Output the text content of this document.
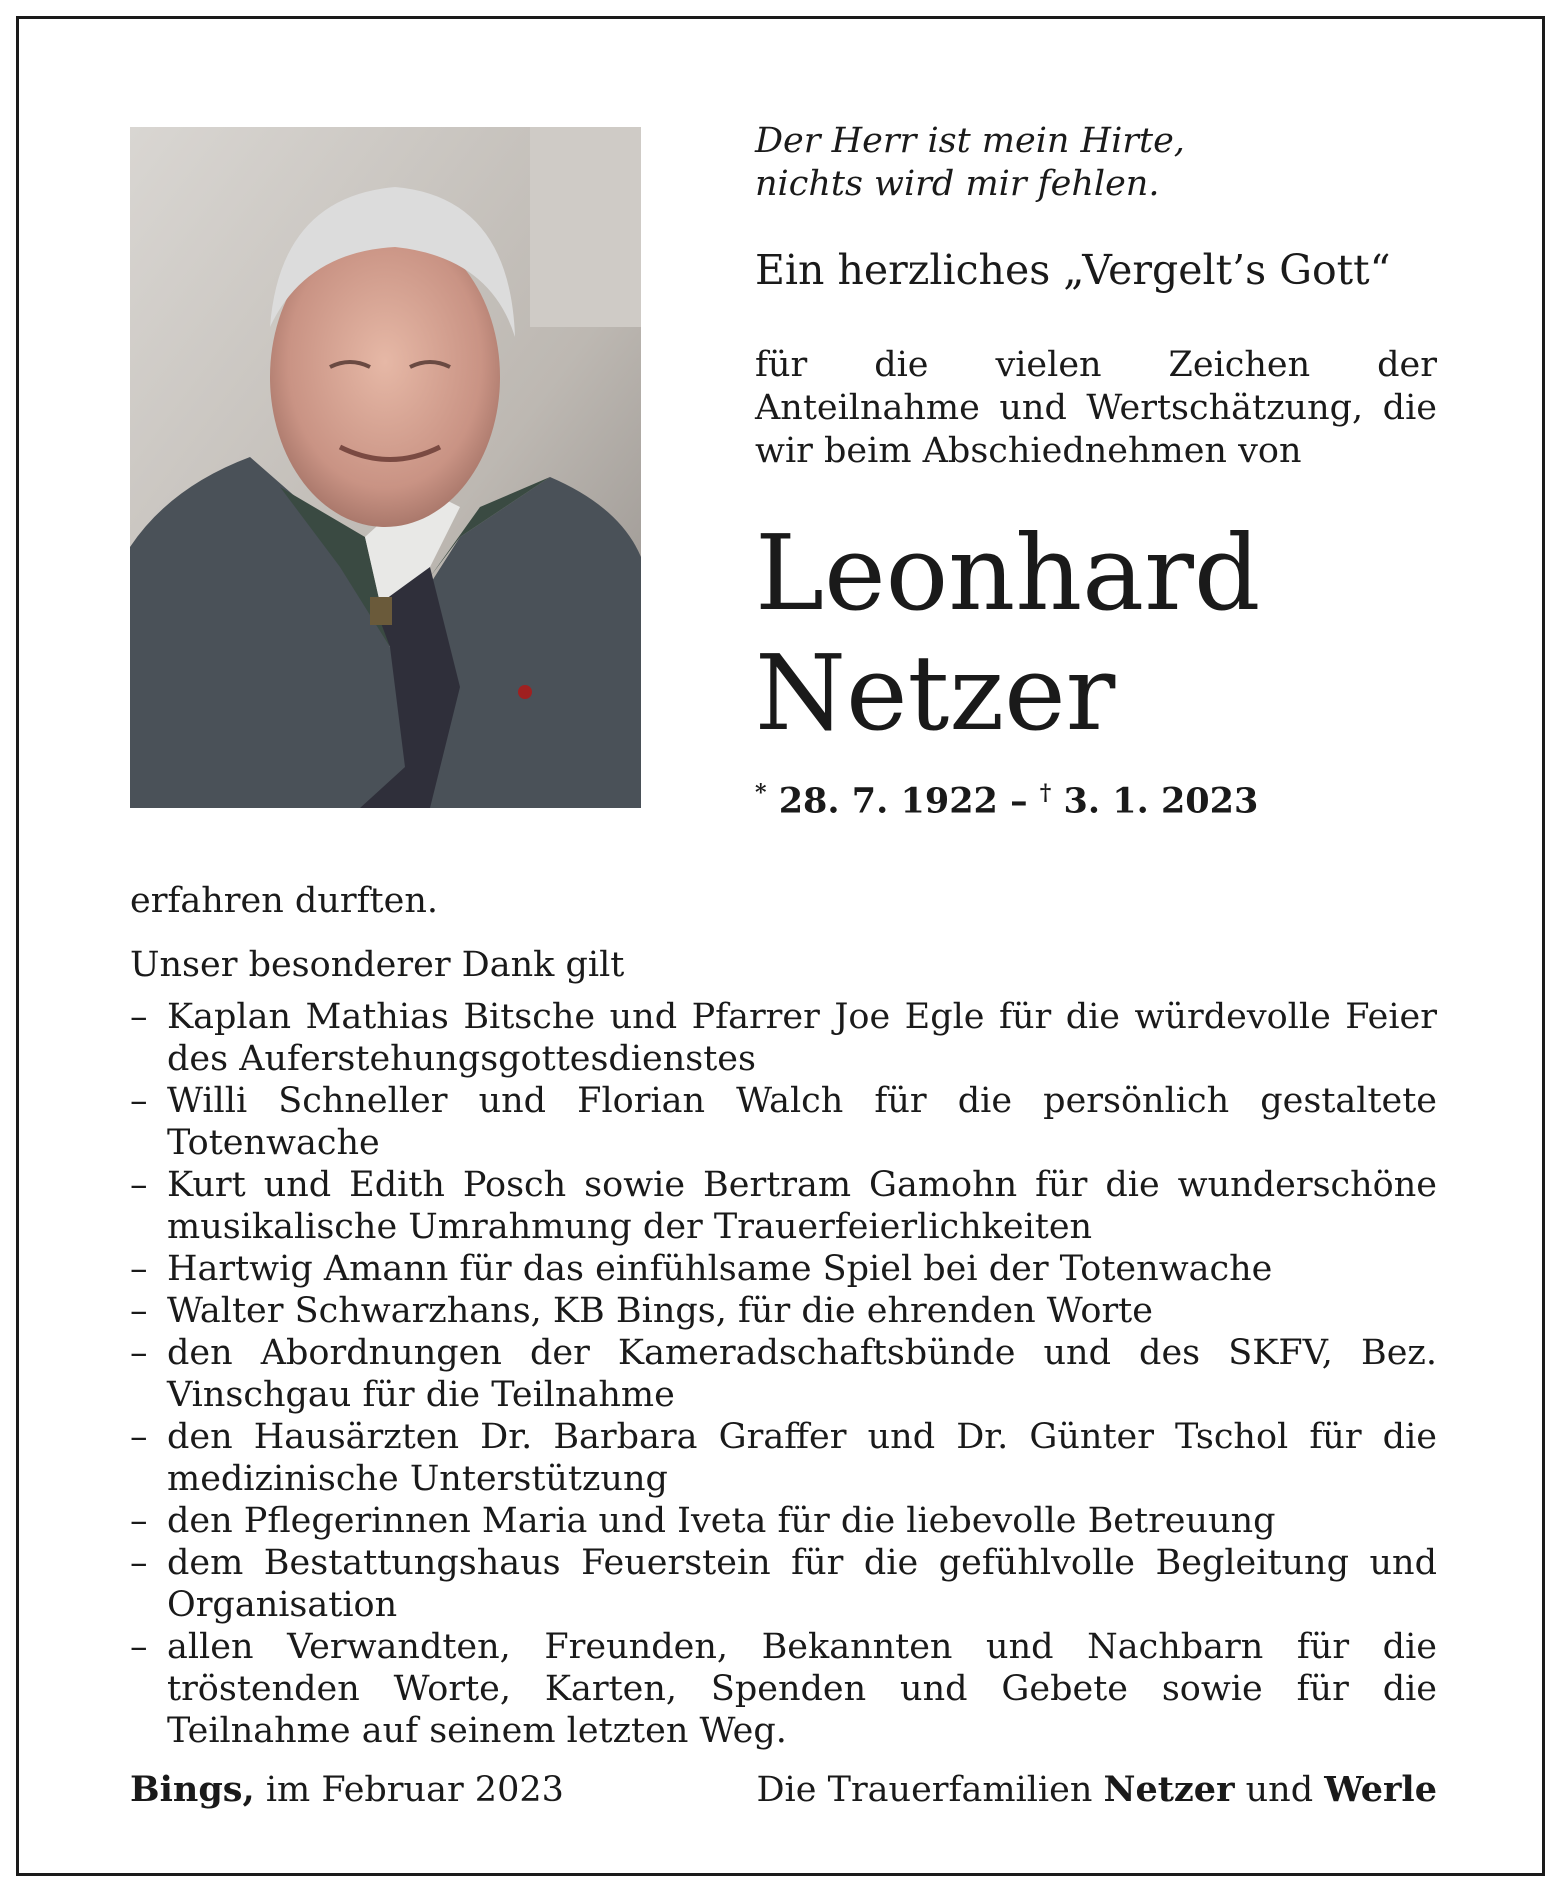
Der Herr ist mein Hirte,
nichts wird mir fehlen.

Ein herzliches „Vergelt’s Gott“

für die vielen Zeichen der Anteilnahme und Wertschätzung, die wir beim Abschiednehmen von

Leonhard
Netzer

* 28. 7. 1922 – † 3. 1. 2023

erfahren durften.

Unser besonderer Dank gilt

– Kaplan Mathias Bitsche und Pfarrer Joe Egle für die würdevolle Feier des Auferstehungsgottesdienstes
– Willi Schneller und Florian Walch für die persönlich gestaltete Totenwache
– Kurt und Edith Posch sowie Bertram Gamohn für die wunderschöne musikalische Umrahmung der Trauerfeierlichkeiten
– Hartwig Amann für das einfühlsame Spiel bei der Totenwache
– Walter Schwarzhans, KB Bings, für die ehrenden Worte
– den Abordnungen der Kameradschaftsbünde und des SKFV, Bez. Vinschgau für die Teilnahme
– den Hausärzten Dr. Barbara Graffer und Dr. Günter Tschol für die medizinische Unterstützung
– den Pflegerinnen Maria und Iveta für die liebevolle Betreuung
– dem Bestattungshaus Feuerstein für die gefühlvolle Begleitung und Organisation
– allen Verwandten, Freunden, Bekannten und Nachbarn für die tröstenden Worte, Karten, Spenden und Gebete sowie für die Teilnahme auf seinem letzten Weg.
Bings, im Februar 2023	Die Trauerfamilien Netzer und Werle
